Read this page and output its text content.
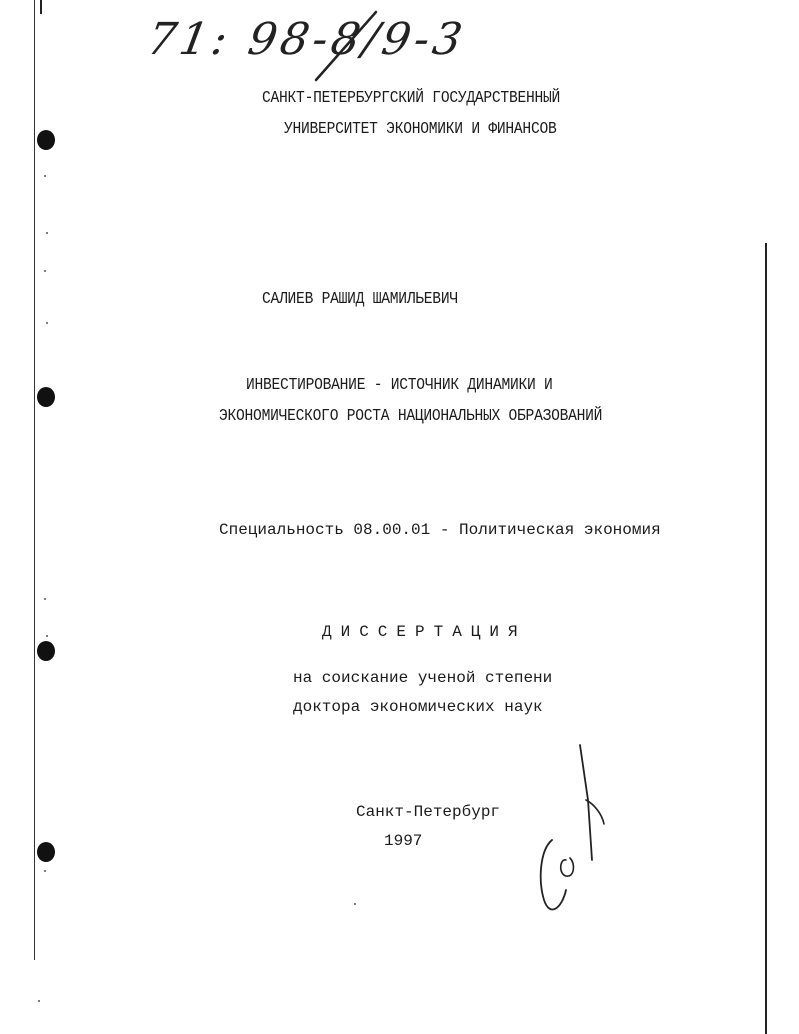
71: 98-8/9-3
САНКТ-ПЕТЕРБУРГСКИЙ ГОСУДАРСТВЕННЫЙ
УНИВЕРСИТЕТ ЭКОНОМИКИ И ФИНАНСОВ
САЛИЕВ РАШИД ШАМИЛЬЕВИЧ
ИНВЕСТИРОВАНИЕ - ИСТОЧНИК ДИНАМИКИ И
ЭКОНОМИЧЕСКОГО РОСТА НАЦИОНАЛЬНЫХ ОБРАЗОВАНИЙ
Специальность 08.00.01 - Политическая экономия
ДИССЕРТАЦИЯ
на соискание ученой степени
доктора экономических наук
Санкт-Петербург
1997
